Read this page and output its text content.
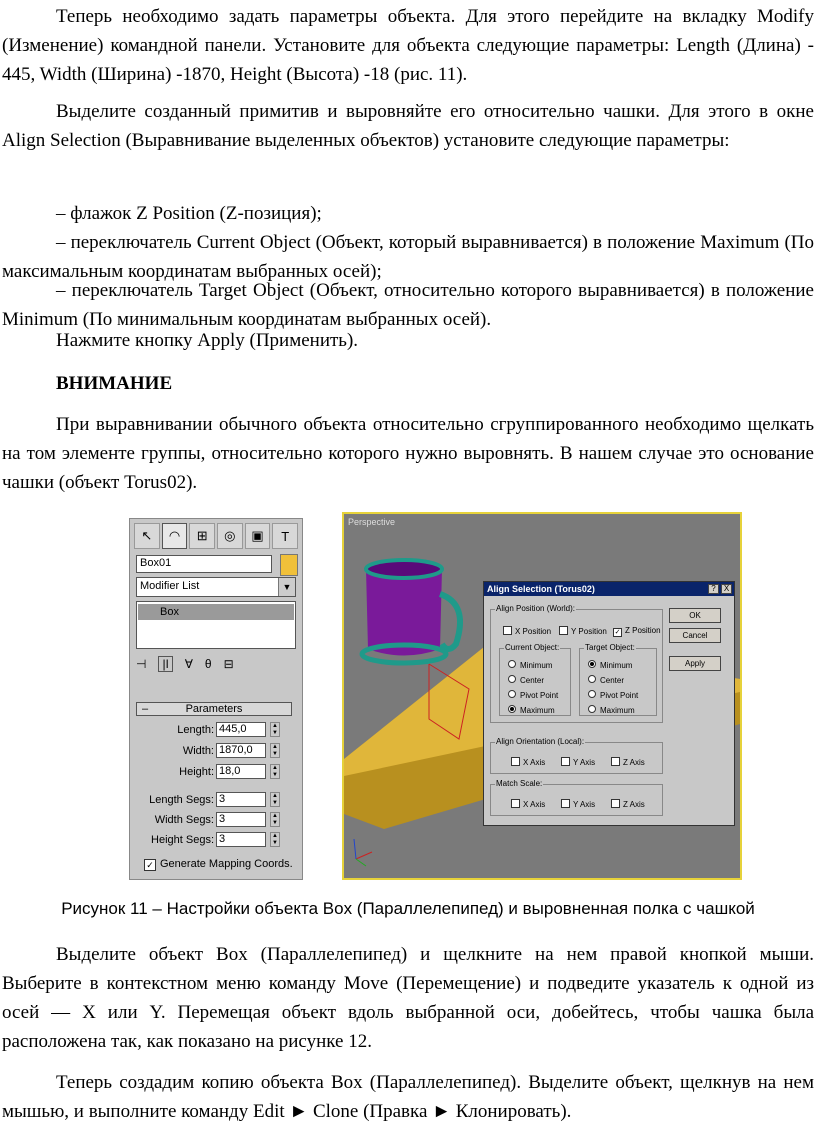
Теперь необходимо задать параметры объекта. Для этого перейдите на вкладку Modify (Изменение) командной панели. Установите для объекта следующие параметры: Length (Длина) - 445, Width (Ширина) -1870, Height (Высота) -18 (рис. 11).

Выделите созданный примитив и выровняйте его относительно чашки. Для этого в окне Align Selection (Выравнивание выделенных объектов) установите следующие параметры:

– флажок Z Position (Z-позиция);

– переключатель Current Object (Объект, который выравнивается) в положение Maximum (По максимальным координатам выбранных осей);

– переключатель Target Object (Объект, относительно которого выравнивается) в положение Minimum (По минимальным координатам выбранных осей).

Нажмите кнопку Apply (Применить).

ВНИМАНИЕ

При выравнивании обычного объекта относительно сгруппированного необходимо щелкать на том элементе группы, относительно которого нужно выровнять. В нашем случае это основание чашки (объект Torus02).

↖	◠	⊞	◎	▣	T
Box01
Modifier List	▼
Box
⊣	|ǀ	∀ θ ⊟
–	Parameters
Length: 445,0	▲
▼
Width: 1870,0	▲
▼
Height: 18,0	▲
▼
Length Segs: 3	▲
▼
Width Segs: 3	▲
▼
Height Segs: 3	▲
▼
✓ Generate Mapping Coords.
Perspective
Align Selection (Torus02)	?	X
Align Position (World):
X Position	Y Position ✓ Z Position
Current Object:
Minimum
Center
Pivot Point
Maximum
Target Object:
Minimum
Center
Pivot Point
Maximum
Align Orientation (Local):
X Axis	Y Axis	Z Axis
Match Scale:
X Axis	Y Axis	Z Axis
OK
Cancel
Apply
Рисунок 11 – Настройки объекта Box (Параллелепипед) и выровненная полка с чашкой

Выделите объект Box (Параллелепипед) и щелкните на нем правой кнопкой мыши. Выберите в контекстном меню команду Move (Перемещение) и подведите указатель к одной из осей — X или Y. Перемещая объект вдоль выбранной оси, добейтесь, чтобы чашка была расположена так, как показано на рисунке 12.

Теперь создадим копию объекта Box (Параллелепипед). Выделите объект, щелкнув на нем мышью, и выполните команду Edit ► Clone (Правка ► Клонировать).
